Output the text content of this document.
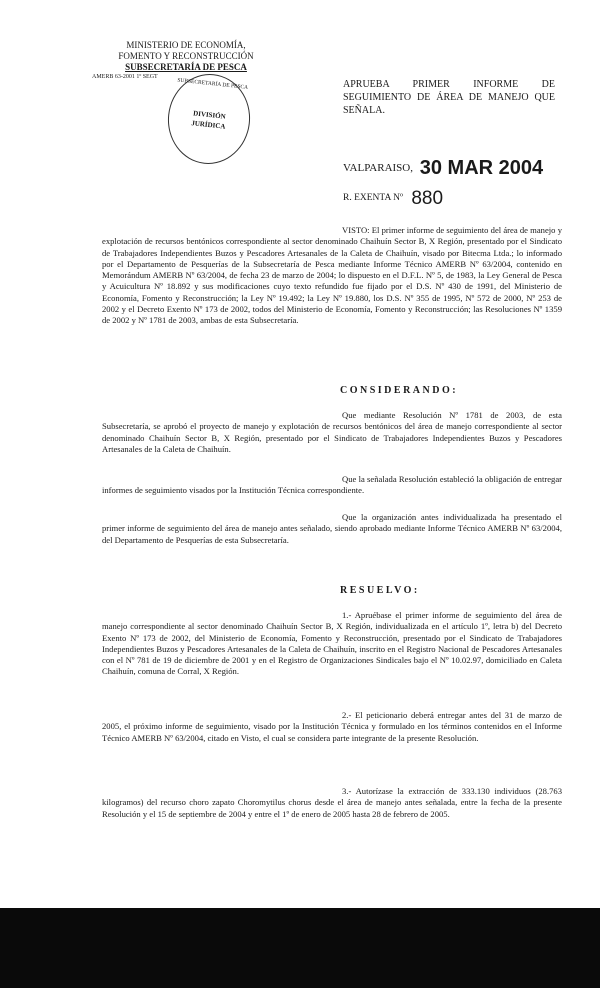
MINISTERIO DE ECONOMÍA,
FOMENTO Y RECONSTRUCCIÓN
SUBSECRETARÍA DE PESCA
AMERB 63-2001 1º SEGT
SUBSECRETARÍA DE PESCA
DIVISIÓN
JURÍDICA
APRUEBA PRIMER INFORME DE
SEGUIMIENTO DE ÁREA DE MANEJO QUE SEÑALA.
VALPARAISO, 30 MAR 2004
R. EXENTA Nº 880
VISTO: El primer informe de seguimiento del área de manejo y explotación de recursos bentónicos correspondiente al sector denominado Chaihuín Sector B, X Región, presentado por el Sindicato de Trabajadores Independientes Buzos y Pescadores Artesanales de la Caleta de Chaihuín, visado por Bitecma Ltda.; lo informado por el Departamento de Pesquerías de la Subsecretaría de Pesca mediante Informe Técnico AMERB Nº 63/2004, contenido en Memorándum AMERB Nº 63/2004, de fecha 23 de marzo de 2004; lo dispuesto en el D.F.L. Nº 5, de 1983, la Ley General de Pesca y Acuicultura Nº 18.892 y sus modificaciones cuyo texto refundido fue fijado por el D.S. Nº 430 de 1991, del Ministerio de Economía, Fomento y Reconstrucción; la Ley Nº 19.492; la Ley Nº 19.880, los D.S. Nº 355 de 1995, Nº 572 de 2000, Nº 253 de 2002 y el Decreto Exento Nº 173 de 2002, todos del Ministerio de Economía, Fomento y Reconstrucción; las Resoluciones Nº 1359 de 2002 y Nº 1781 de 2003, ambas de esta Subsecretaría.
CONSIDERANDO:
Que mediante Resolución Nº 1781 de 2003, de esta Subsecretaría, se aprobó el proyecto de manejo y explotación de recursos bentónicos del área de manejo correspondiente al sector denominado Chaihuín Sector B, X Región, presentado por el Sindicato de Trabajadores Independientes Buzos y Pescadores Artesanales de la Caleta de Chaihuín.
Que la señalada Resolución estableció la obligación de entregar informes de seguimiento visados por la Institución Técnica correspondiente.
Que la organización antes individualizada ha presentado el primer informe de seguimiento del área de manejo antes señalado, siendo aprobado mediante Informe Técnico AMERB Nº 63/2004, del Departamento de Pesquerías de esta Subsecretaría.
RESUELVO:
1.- Apruébase el primer informe de seguimiento del área de manejo correspondiente al sector denominado Chaihuín Sector B, X Región, individualizada en el artículo 1º, letra b) del Decreto Exento Nº 173 de 2002, del Ministerio de Economía, Fomento y Reconstrucción, presentado por el Sindicato de Trabajadores Independientes Buzos y Pescadores Artesanales de la Caleta de Chaihuín, inscrito en el Registro Nacional de Pescadores Artesanales con el Nº 781 de 19 de diciembre de 2001 y en el Registro de Organizaciones Sindicales bajo el Nº 10.02.97, domiciliado en Caleta Chaihuín, comuna de Corral, X Región.
2.- El peticionario deberá entregar antes del 31 de marzo de 2005, el próximo informe de seguimiento, visado por la Institución Técnica y formulado en los términos contenidos en el Informe Técnico AMERB Nº 63/2004, citado en Visto, el cual se considera parte integrante de la presente Resolución.
3.- Autorízase la extracción de 333.130 individuos (28.763 kilogramos) del recurso choro zapato Choromytilus chorus desde el área de manejo antes señalada, entre la fecha de la presente Resolución y el 15 de septiembre de 2004 y entre el 1º de enero de 2005 hasta 28 de febrero de 2005.
